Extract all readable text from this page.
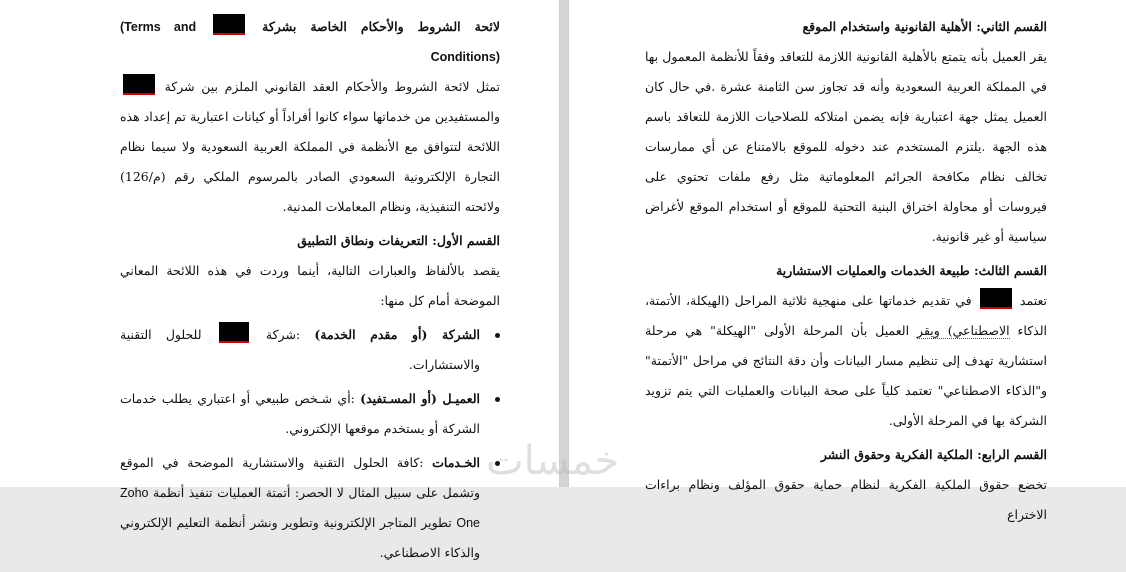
لائحة الشروط والأحكام الخاصة بشركة  (Terms and Conditions)

تمثل لائحة الشروط والأحكام العقد القانوني الملزم بين شركة  والمستفيدين من خدماتها سواء كانوا أفراداً أو كيانات اعتبارية تم إعداد هذه اللائحة لتتوافق مع الأنظمة في المملكة العربية السعودية ولا سيما نظام التجارة الإلكترونية السعودي الصادر بالمرسوم الملكي رقم (م/126) ولائحته التنفيذية، ونظام المعاملات المدنية.

القسم الأول: التعريفات ونطاق التطبيق

يقصد بالألفاظ والعبارات التالية، أينما وردت في هذه اللائحة المعاني الموضحة أمام كل منها:

الشركة (أو مقدم الخدمة) :شركة  للحلول التقنية والاستشارات.
العميـل (أو المسـتفيد) :أي شـخص طبيعي أو اعتباري يطلب خدمات الشركة أو يستخدم موقعها الإلكتروني.
الخـدمات :كافة الحلول التقنية والاستشارية الموضحة في الموقع وتشمل على سبيل المثال لا الحصر: أتمتة العمليات تنفيذ أنظمة Zoho One تطوير المتاجر الإلكترونية وتطوير ونشر أنظمة التعليم الإلكتروني والذكاء الاصطناعي.

القسم الثاني: الأهلية القانونية واستخدام الموقع

يقر العميل بأنه يتمتع بالأهلية القانونية اللازمة للتعاقد وفقاً للأنظمة المعمول بها في المملكة العربية السعودية وأنه قد تجاوز سن الثامنة عشرة .في حال كان العميل يمثل جهة اعتبارية فإنه يضمن امتلاكه للصلاحيات اللازمة للتعاقد باسم هذه الجهة .يلتزم المستخدم عند دخوله للموقع بالامتناع عن أي ممارسات تخالف نظام مكافحة الجرائم المعلوماتية مثل رفع ملفات تحتوي على فيروسات أو محاولة اختراق البنية التحتية للموقع أو استخدام الموقع لأغراض سياسية أو غير قانونية.

القسم الثالث: طبيعة الخدمات والعمليات الاستشارية

تعتمد  في تقديم خدماتها على منهجية ثلاثية المراحل (الهيكلة، الأتمتة، الذكاء الاصطناعي) ويقر العميل بأن المرحلة الأولى "الهيكلة" هي مرحلة استشارية تهدف إلى تنظيم مسار البيانات وأن دقة النتائج في مراحل "الأتمتة" و"الذكاء الاصطناعي" تعتمد كلياً على صحة البيانات والعمليات التي يتم تزويد الشركة بها في المرحلة الأولى.

القسم الرابع: الملكية الفكرية وحقوق النشر

تخضع حقوق الملكية الفكرية لنظام حماية حقوق المؤلف ونظام براءات الاختراع

خمسات
